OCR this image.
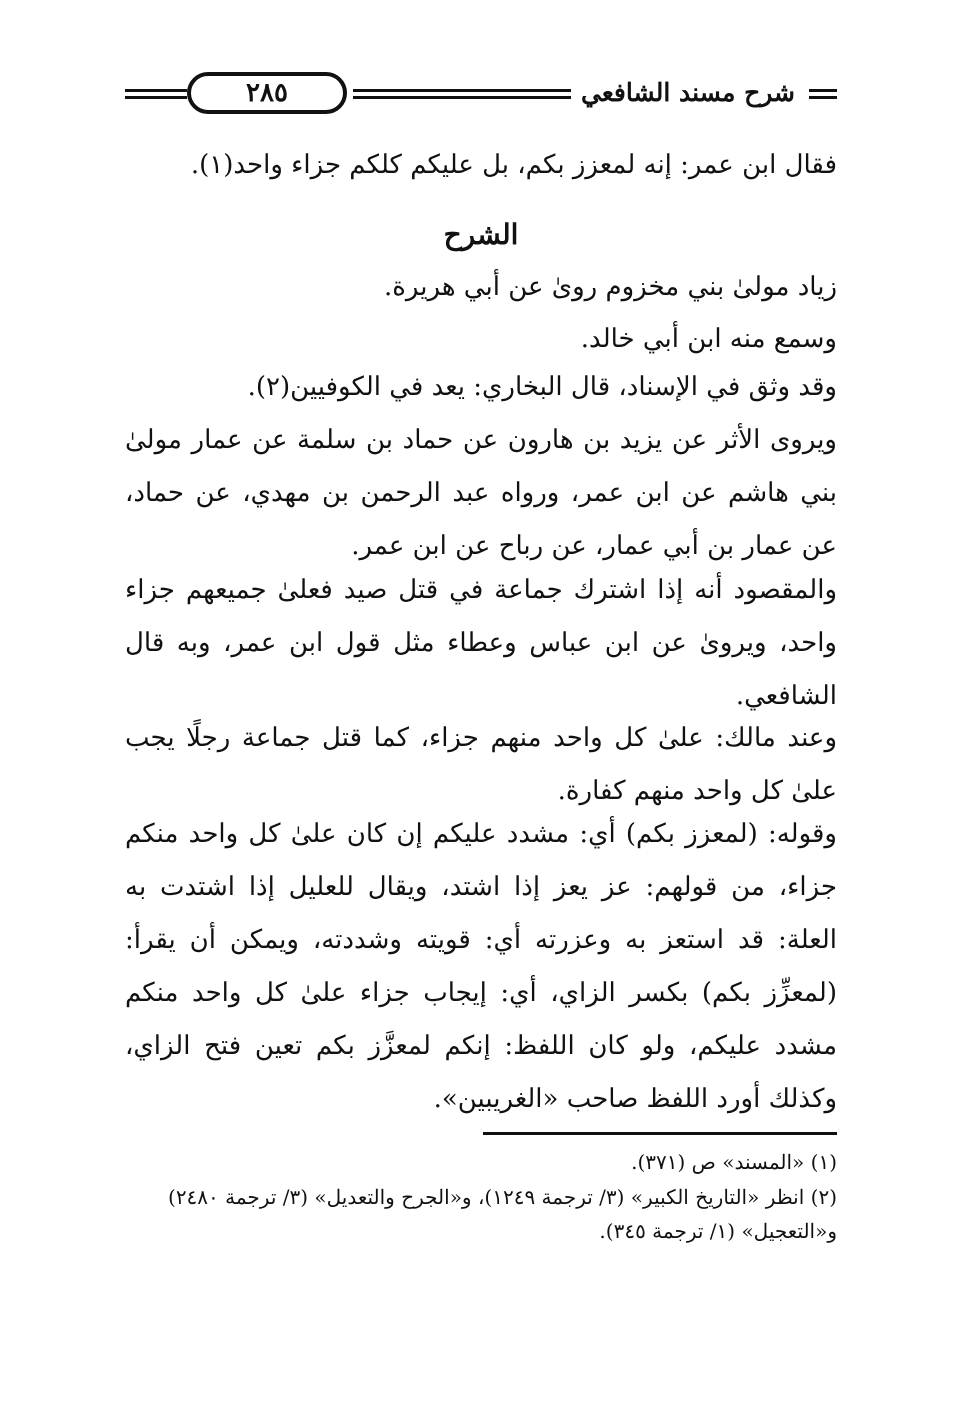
٢٨٥	شرح مسند الشافعي
فقال ابن عمر: إنه لمعزز بكم، بل عليكم كلكم جزاء واحد(١).
الشرح
زياد مولىٰ بني مخزوم روىٰ عن أبي هريرة.
وسمع منه ابن أبي خالد.
وقد وثق في الإسناد، قال البخاري: يعد في الكوفيين(٢).
ويروى الأثر عن يزيد بن هارون عن حماد بن سلمة عن عمار مولىٰ بني هاشم عن ابن عمر، ورواه عبد الرحمن بن مهدي، عن حماد، عن عمار بن أبي عمار، عن رباح عن ابن عمر.
والمقصود أنه إذا اشترك جماعة في قتل صيد فعلىٰ جميعهم جزاء واحد، ويروىٰ عن ابن عباس وعطاء مثل قول ابن عمر، وبه قال الشافعي.
وعند مالك: علىٰ كل واحد منهم جزاء، كما قتل جماعة رجلًا يجب علىٰ كل واحد منهم كفارة.
وقوله: (لمعزز بكم) أي: مشدد عليكم إن كان علىٰ كل واحد منكم جزاء، من قولهم: عز يعز إذا اشتد، ويقال للعليل إذا اشتدت به العلة: قد استعز به وعزرته أي: قويته وشددته، ويمكن أن يقرأ: (لمعزِّز بكم) بكسر الزاي، أي: إيجاب جزاء علىٰ كل واحد منكم مشدد عليكم، ولو كان اللفظ: إنكم لمعزَّز بكم تعين فتح الزاي، وكذلك أورد اللفظ صاحب «الغريبين».
(١) «المسند» ص (٣٧١).
(٢) انظر «التاريخ الكبير» (٣/ ترجمة ١٢٤٩)، و«الجرح والتعديل» (٣/ ترجمة ٢٤٨٠) و«التعجيل» (١/ ترجمة ٣٤٥).
